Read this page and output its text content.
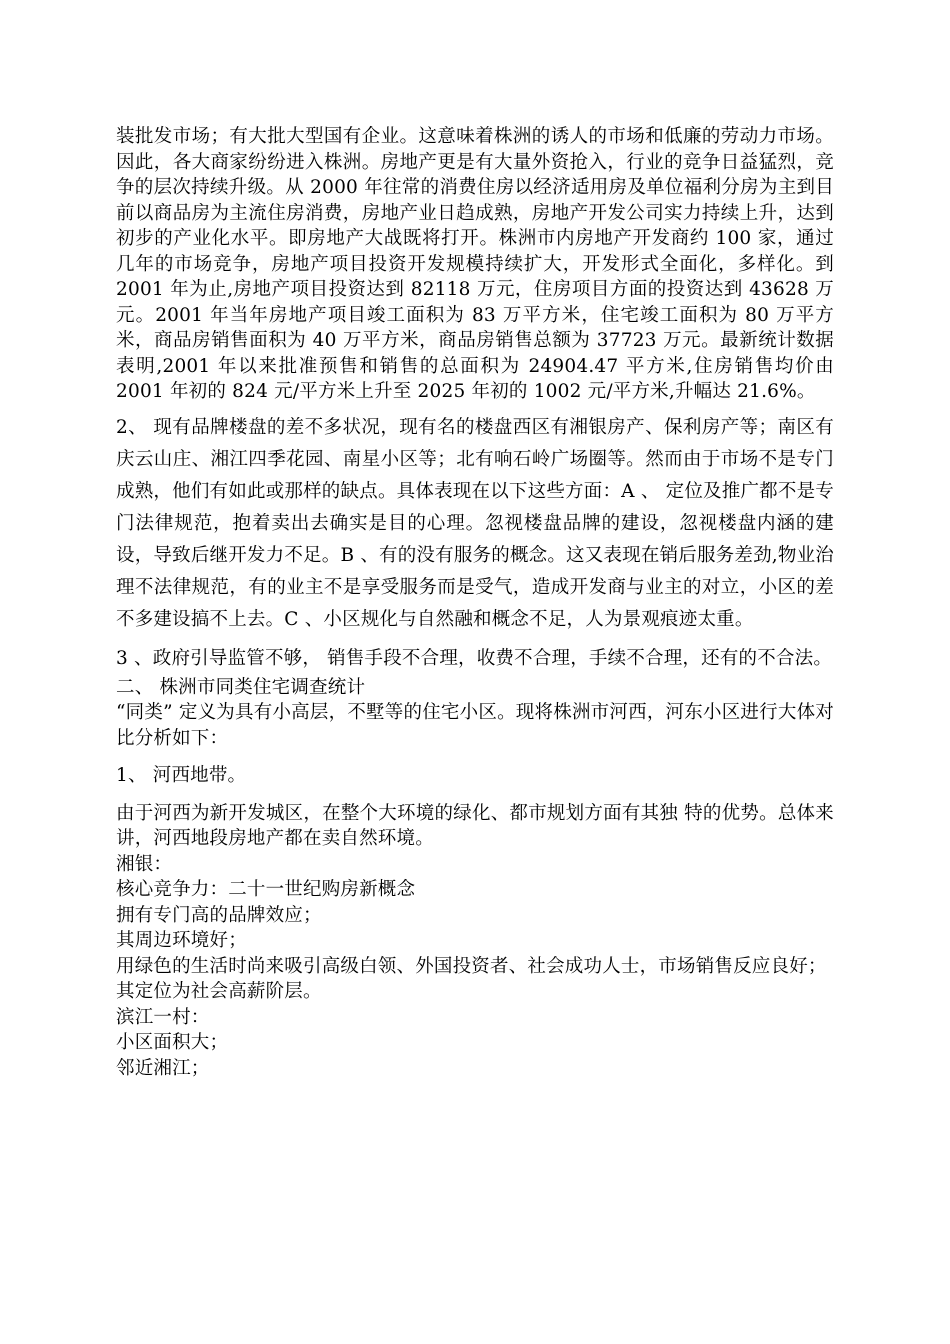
装批发市场；有大批大型国有企业。这意味着株洲的诱人的市场和低廉的劳动力市场。因此，各大商家纷纷进入株洲。房地产更是有大量外资抢入，行业的竞争日益猛烈，竞争的层次持续升级。从 2000 年往常的消费住房以经济适用房及单位福利分房为主到目前以商品房为主流住房消费，房地产业日趋成熟，房地产开发公司实力持续上升，达到初步的产业化水平。即房地产大战既将打开。株洲市内房地产开发商约 100 家，通过几年的市场竞争，房地产项目投资开发规模持续扩大，开发形式全面化，多样化。到 2001 年为止,房地产项目投资达到 82118 万元，住房项目方面的投资达到 43628 万元。2001 年当年房地产项目竣工面积为 83 万平方米，住宅竣工面积为 80 万平方米，商品房销售面积为 40 万平方米，商品房销售总额为 37723 万元。最新统计数据表明,2001 年以来批准预售和销售的总面积为 24904.47 平方米,住房销售均价由 2001 年初的 824 元/平方米上升至 2025 年初的 1002 元/平方米,升幅达 21.6%。

2、 现有品牌楼盘的差不多状况，现有名的楼盘西区有湘银房产、保利房产等；南区有庆云山庄、湘江四季花园、南星小区等；北有响石岭广场圈等。然而由于市场不是专门成熟，他们有如此或那样的缺点。具体表现在以下这些方面：A 、 定位及推广都不是专门法律规范，抱着卖出去确实是目的心理。忽视楼盘品牌的建设，忽视楼盘内涵的建设，导致后继开发力不足。B 、有的没有服务的概念。这又表现在销后服务差劲,物业治理不法律规范，有的业主不是享受服务而是受气，造成开发商与业主的对立，小区的差不多建设搞不上去。C 、小区规化与自然融和概念不足，人为景观痕迹太重。

3 、政府引导监管不够， 销售手段不合理，收费不合理，手续不合理，还有的不合法。

二、 株洲市同类住宅调查统计

“同类” 定义为具有小高层，不墅等的住宅小区。现将株洲市河西，河东小区进行大体对比分析如下：

1、 河西地带。

由于河西为新开发城区，在整个大环境的绿化、都市规划方面有其独 特的优势。总体来讲，河西地段房地产都在卖自然环境。

湘银：

核心竞争力：二十一世纪购房新概念

拥有专门高的品牌效应；

其周边环境好；

用绿色的生活时尚来吸引高级白领、外国投资者、社会成功人士，市场销售反应良好；

其定位为社会高薪阶层。

滨江一村：

小区面积大；

邻近湘江；
